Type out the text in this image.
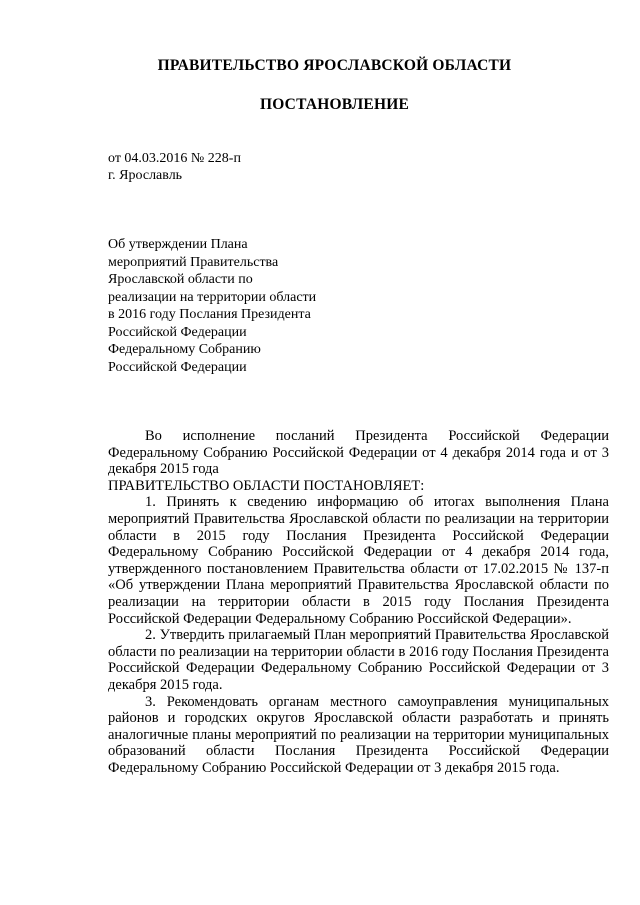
ПРАВИТЕЛЬСТВО ЯРОСЛАВСКОЙ ОБЛАСТИ
ПОСТАНОВЛЕНИЕ
от 04.03.2016 № 228-п
г. Ярославль
Об утверждении Плана
мероприятий Правительства
Ярославской области по
реализации на территории области
в 2016 году Послания Президента
Российской Федерации
Федеральному Собранию
Российской Федерации

Во исполнение посланий Президента Российской Федерации Федеральному Собранию Российской Федерации от 4 декабря 2014 года и от 3 декабря 2015 года

ПРАВИТЕЛЬСТВО ОБЛАСТИ ПОСТАНОВЛЯЕТ:

1. Принять к сведению информацию об итогах выполнения Плана мероприятий Правительства Ярославской области по реализации на территории области в 2015 году Послания Президента Российской Федерации Федеральному Собранию Российской Федерации от 4 декабря 2014 года, утвержденного постановлением Правительства области от 17.02.2015 № 137-п «Об утверждении Плана мероприятий Правительства Ярославской области по реализации на территории области в 2015 году Послания Президента Российской Федерации Федеральному Собранию Российской Федерации».

2. Утвердить прилагаемый План мероприятий Правительства Ярославской области по реализации на территории области в 2016 году Послания Президента Российской Федерации Федеральному Собранию Российской Федерации от 3 декабря 2015 года.

3. Рекомендовать органам местного самоуправления муниципальных районов и городских округов Ярославской области разработать и принять аналогичные планы мероприятий по реализации на территории муниципальных образований области Послания Президента Российской Федерации Федеральному Собранию Российской Федерации от 3 декабря 2015 года.
